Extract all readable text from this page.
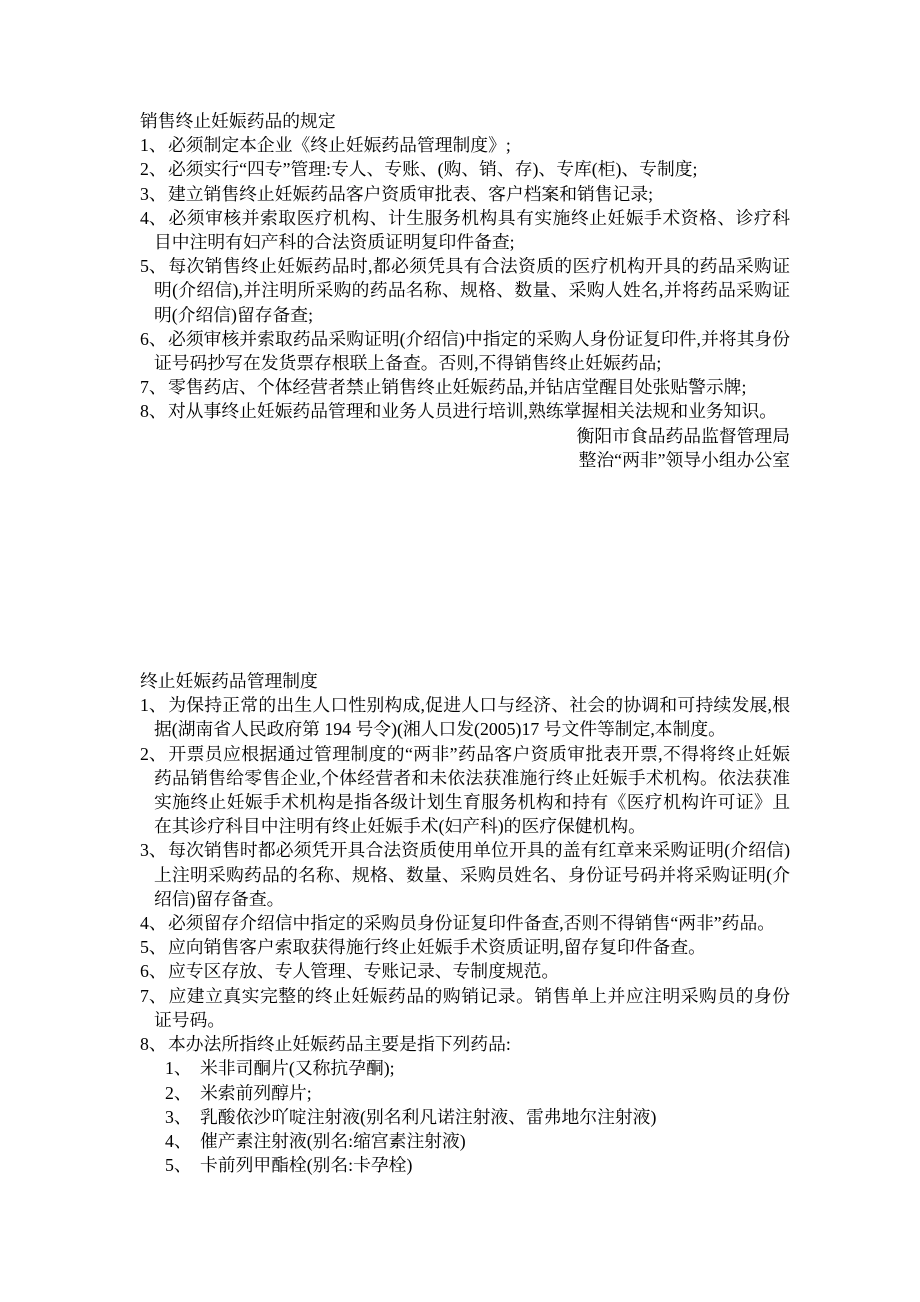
销售终止妊娠药品的规定

1、必须制定本企业《终止妊娠药品管理制度》;

2、必须实行“四专”管理:专人、专账、(购、销、存)、专库(柜)、专制度;

3、建立销售终止妊娠药品客户资质审批表、客户档案和销售记录;

4、必须审核并索取医疗机构、计生服务机构具有实施终止妊娠手术资格、诊疗科目中注明有妇产科的合法资质证明复印件备查;

5、每次销售终止妊娠药品时,都必须凭具有合法资质的医疗机构开具的药品采购证明(介绍信),并注明所采购的药品名称、规格、数量、采购人姓名,并将药品采购证明(介绍信)留存备查;

6、必须审核并索取药品采购证明(介绍信)中指定的采购人身份证复印件,并将其身份证号码抄写在发货票存根联上备查。否则,不得销售终止妊娠药品;

7、零售药店、个体经营者禁止销售终止妊娠药品,并钻店堂醒目处张贴警示牌;

8、对从事终止妊娠药品管理和业务人员进行培训,熟练掌握相关法规和业务知识。

衡阳市食品药品监督管理局

整治“两非”领导小组办公室

终止妊娠药品管理制度

1、为保持正常的出生人口性别构成,促进人口与经济、社会的协调和可持续发展,根据(湖南省人民政府第 194 号令)(湘人口发(2005)17 号文件等制定,本制度。

2、开票员应根据通过管理制度的“两非”药品客户资质审批表开票,不得将终止妊娠药品销售给零售企业,个体经营者和未依法获准施行终止妊娠手术机构。依法获准实施终止妊娠手术机构是指各级计划生育服务机构和持有《医疗机构许可证》且在其诊疗科目中注明有终止妊娠手术(妇产科)的医疗保健机构。

3、每次销售时都必须凭开具合法资质使用单位开具的盖有红章来采购证明(介绍信)上注明采购药品的名称、规格、数量、采购员姓名、身份证号码并将采购证明(介绍信)留存备查。

4、必须留存介绍信中指定的采购员身份证复印件备查,否则不得销售“两非”药品。

5、应向销售客户索取获得施行终止妊娠手术资质证明,留存复印件备查。

6、应专区存放、专人管理、专账记录、专制度规范。

7、应建立真实完整的终止妊娠药品的购销记录。销售单上并应注明采购员的身份证号码。

8、本办法所指终止妊娠药品主要是指下列药品:

1、 米非司酮片(又称抗孕酮);

2、 米索前列醇片;

3、 乳酸依沙吖啶注射液(别名利凡诺注射液、雷弗地尔注射液)

4、 催产素注射液(别名:缩宫素注射液)

5、 卡前列甲酯栓(别名:卡孕栓)
